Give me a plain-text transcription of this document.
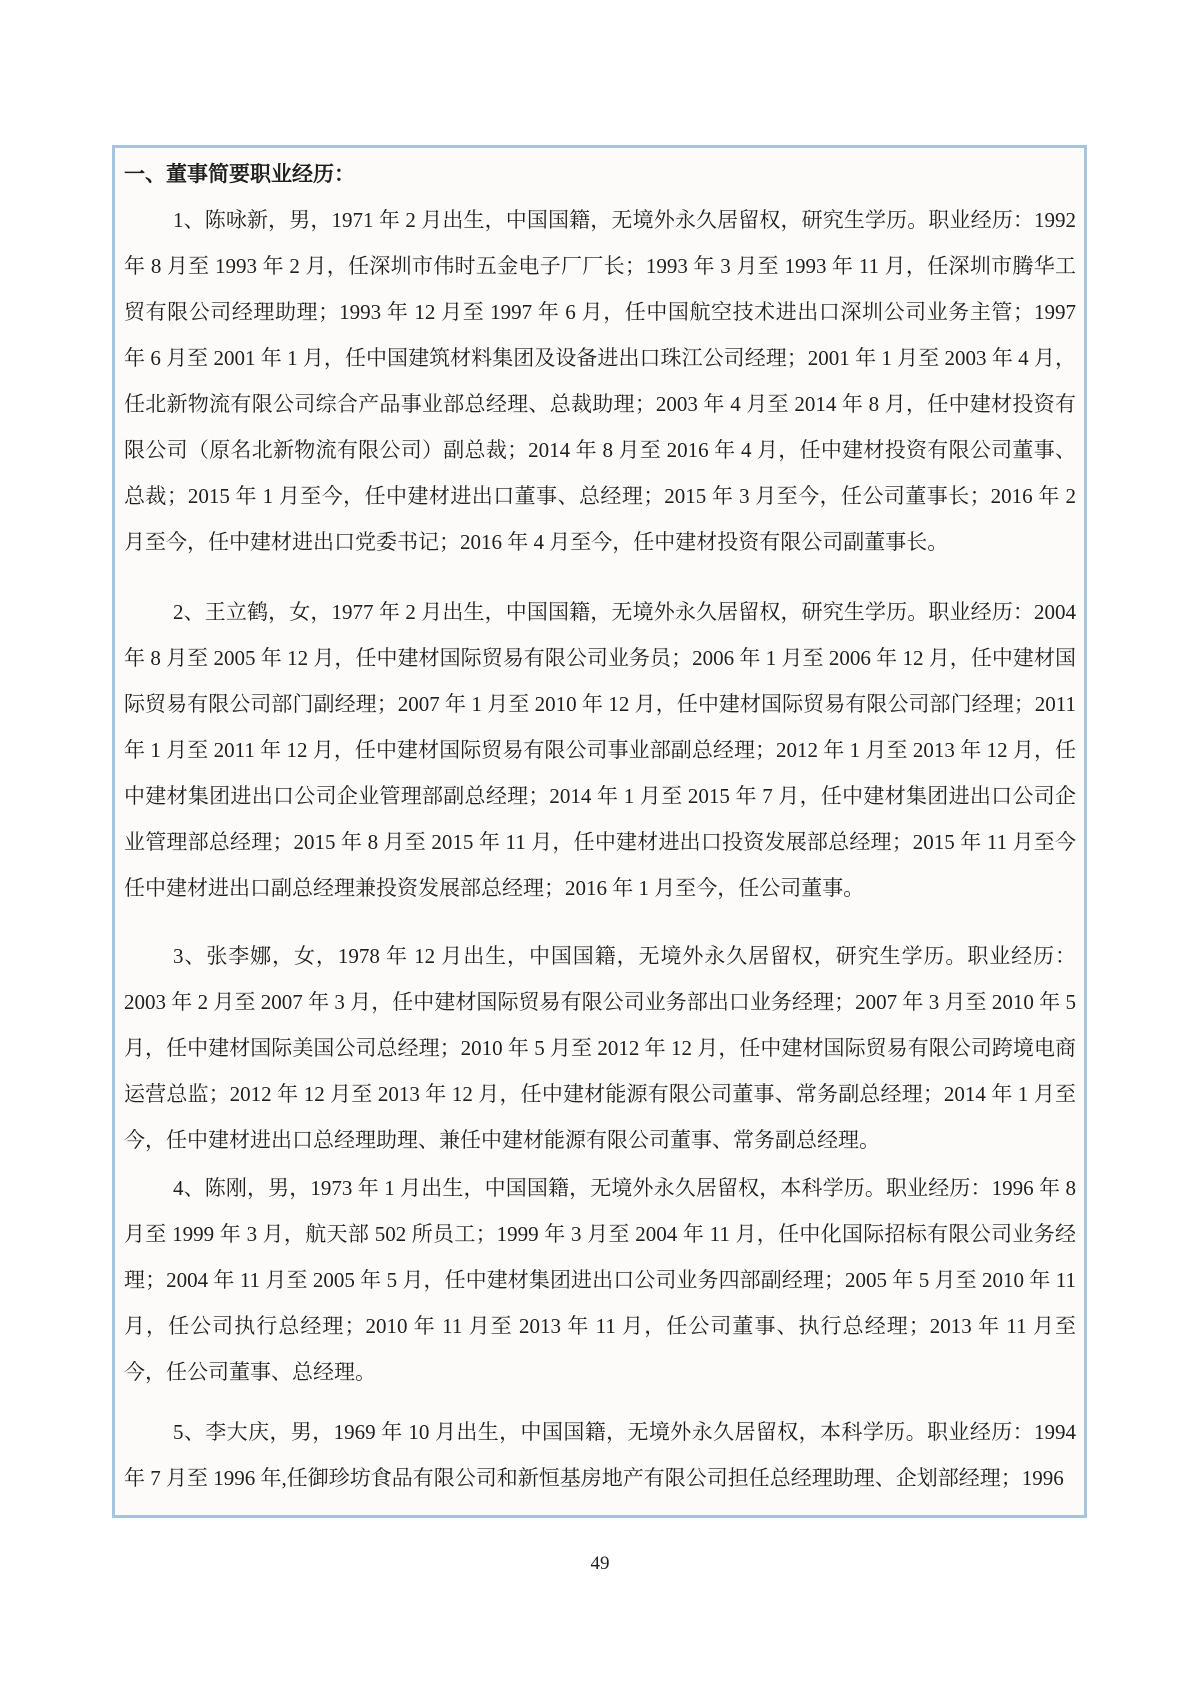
一、董事简要职业经历：

1、陈咏新，男，1971 年 2 月出生，中国国籍，无境外永久居留权，研究生学历。职业经历：1992 年 8 月至 1993 年 2 月，任深圳市伟时五金电子厂厂长；1993 年 3 月至 1993 年 11 月，任深圳市腾华工贸有限公司经理助理；1993 年 12 月至 1997 年 6 月，任中国航空技术进出口深圳公司业务主管；1997 年 6 月至 2001 年 1 月，任中国建筑材料集团及设备进出口珠江公司经理；2001 年 1 月至 2003 年 4 月，任北新物流有限公司综合产品事业部总经理、总裁助理；2003 年 4 月至 2014 年 8 月，任中建材投资有限公司（原名北新物流有限公司）副总裁；2014 年 8 月至 2016 年 4 月，任中建材投资有限公司董事、总裁；2015 年 1 月至今，任中建材进出口董事、总经理；2015 年 3 月至今，任公司董事长；2016 年 2 月至今，任中建材进出口党委书记；2016 年 4 月至今，任中建材投资有限公司副董事长。

2、王立鹤，女，1977 年 2 月出生，中国国籍，无境外永久居留权，研究生学历。职业经历：2004 年 8 月至 2005 年 12 月，任中建材国际贸易有限公司业务员；2006 年 1 月至 2006 年 12 月，任中建材国际贸易有限公司部门副经理；2007 年 1 月至 2010 年 12 月，任中建材国际贸易有限公司部门经理；2011 年 1 月至 2011 年 12 月，任中建材国际贸易有限公司事业部副总经理；2012 年 1 月至 2013 年 12 月，任中建材集团进出口公司企业管理部副总经理；2014 年 1 月至 2015 年 7 月，任中建材集团进出口公司企业管理部总经理；2015 年 8 月至 2015 年 11 月，任中建材进出口投资发展部总经理；2015 年 11 月至今任中建材进出口副总经理兼投资发展部总经理；2016 年 1 月至今，任公司董事。

3、张李娜，女，1978 年 12 月出生，中国国籍，无境外永久居留权，研究生学历。职业经历：2003 年 2 月至 2007 年 3 月，任中建材国际贸易有限公司业务部出口业务经理；2007 年 3 月至 2010 年 5 月，任中建材国际美国公司总经理；2010 年 5 月至 2012 年 12 月，任中建材国际贸易有限公司跨境电商运营总监；2012 年 12 月至 2013 年 12 月，任中建材能源有限公司董事、常务副总经理；2014 年 1 月至今，任中建材进出口总经理助理、兼任中建材能源有限公司董事、常务副总经理。

4、陈刚，男，1973 年 1 月出生，中国国籍，无境外永久居留权，本科学历。职业经历：1996 年 8 月至 1999 年 3 月，航天部 502 所员工；1999 年 3 月至 2004 年 11 月，任中化国际招标有限公司业务经理；2004 年 11 月至 2005 年 5 月，任中建材集团进出口公司业务四部副经理；2005 年 5 月至 2010 年 11 月，任公司执行总经理；2010 年 11 月至 2013 年 11 月，任公司董事、执行总经理；2013 年 11 月至今，任公司董事、总经理。

5、李大庆，男，1969 年 10 月出生，中国国籍，无境外永久居留权，本科学历。职业经历：1994 年 7 月至 1996 年,任御珍坊食品有限公司和新恒基房地产有限公司担任总经理助理、企划部经理；1996

49
